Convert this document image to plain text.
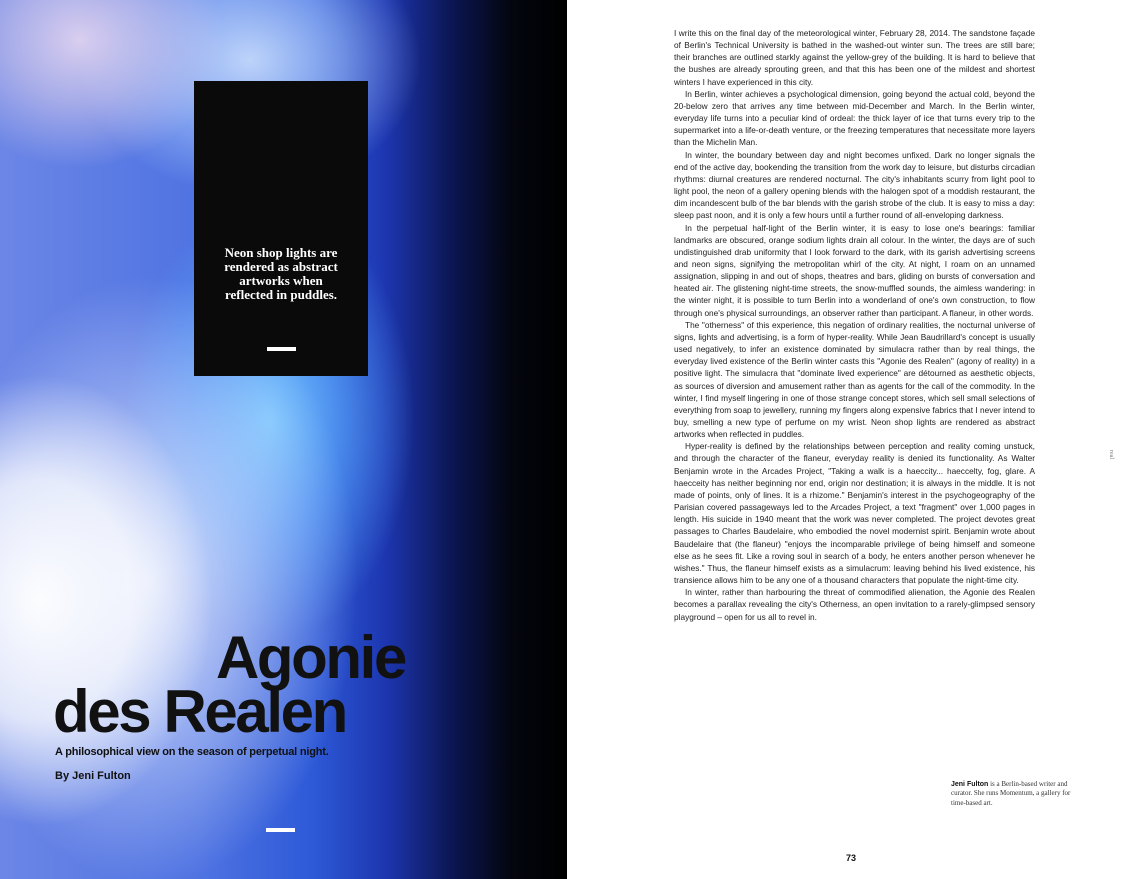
Neon shop lights are rendered as abstract artworks when reflected in puddles.
Agonie
des Realen
A philosophical view on the season of perpetual night.
By Jeni Fulton

I write this on the final day of the meteorological winter, February 28, 2014. The sandstone façade of Berlin's Technical University is bathed in the washed-out winter sun. The trees are still bare; their branches are outlined starkly against the yellow-grey of the building. It is hard to believe that the bushes are already sprouting green, and that this has been one of the mildest and shortest winters I have experienced in this city.

In Berlin, winter achieves a psychological dimension, going beyond the actual cold, beyond the 20-below zero that arrives any time between mid-December and March. In the Berlin winter, everyday life turns into a peculiar kind of ordeal: the thick layer of ice that turns every trip to the supermarket into a life-or-death venture, or the freezing temperatures that necessitate more layers than the Michelin Man.

In winter, the boundary between day and night becomes unfixed. Dark no longer signals the end of the active day, bookending the transition from the work day to leisure, but disturbs circadian rhythms: diurnal creatures are rendered nocturnal. The city's inhabitants scurry from light pool to light pool, the neon of a gallery opening blends with the halogen spot of a moddish restaurant, the dim incandescent bulb of the bar blends with the garish strobe of the club. It is easy to miss a day: sleep past noon, and it is only a few hours until a further round of all-enveloping darkness.

In the perpetual half-light of the Berlin winter, it is easy to lose one's bearings: familiar landmarks are obscured, orange sodium lights drain all colour. In the winter, the days are of such undistinguished drab uniformity that I look forward to the dark, with its garish advertising screens and neon signs, signifying the metropolitan whirl of the city. At night, I roam on an unnamed assignation, slipping in and out of shops, theatres and bars, gliding on bursts of conversation and heated air. The glistening night-time streets, the snow-muffled sounds, the aimless wandering: in the winter night, it is possible to turn Berlin into a wonderland of one's own construction, to flow through one's physical surroundings, an observer rather than participant. A flaneur, in other words.

The "otherness" of this experience, this negation of ordinary realities, the nocturnal universe of signs, lights and advertising, is a form of hyper-reality. While Jean Baudrillard's concept is usually used negatively, to infer an existence dominated by simulacra rather than by real things, the everyday lived existence of the Berlin winter casts this "Agonie des Realen" (agony of reality) in a positive light. The simulacra that "dominate lived experience" are détourned as aesthetic objects, as sources of diversion and amusement rather than as agents for the call of the commodity. In the winter, I find myself lingering in one of those strange concept stores, which sell small selections of everything from soap to jewellery, running my fingers along expensive fabrics that I never intend to buy, smelling a new type of perfume on my wrist. Neon shop lights are rendered as abstract artworks when reflected in puddles.

Hyper-reality is defined by the relationships between perception and reality coming unstuck, and through the character of the flaneur, everyday reality is denied its functionality. As Walter Benjamin wrote in the Arcades Project, "Taking a walk is a haeccity... haeccelty, fog, glare. A haecceity has neither beginning nor end, origin nor destination; it is always in the middle. It is not made of points, only of lines. It is a rhizome." Benjamin's interest in the psychogeography of the Parisian covered passageways led to the Arcades Project, a text "fragment" over 1,000 pages in length. His suicide in 1940 meant that the work was never completed. The project devotes great passages to Charles Baudelaire, who embodied the novel modernist spirit. Benjamin wrote about Baudelaire that (the flaneur) "enjoys the incomparable privilege of being himself and someone else as he sees fit. Like a roving soul in search of a body, he enters another person whenever he wishes." Thus, the flaneur himself exists as a simulacrum: leaving behind his lived existence, his transience allows him to be any one of a thousand characters that populate the night-time city.

In winter, rather than harbouring the threat of commodified alienation, the Agonie des Realen becomes a parallax revealing the city's Otherness, an open invitation to a rarely-glimpsed sensory playground – open for us all to revel in.

real
Jeni Fulton is a Berlin-based writer and curator. She runs Momentum, a gallery for time-based art.
73
